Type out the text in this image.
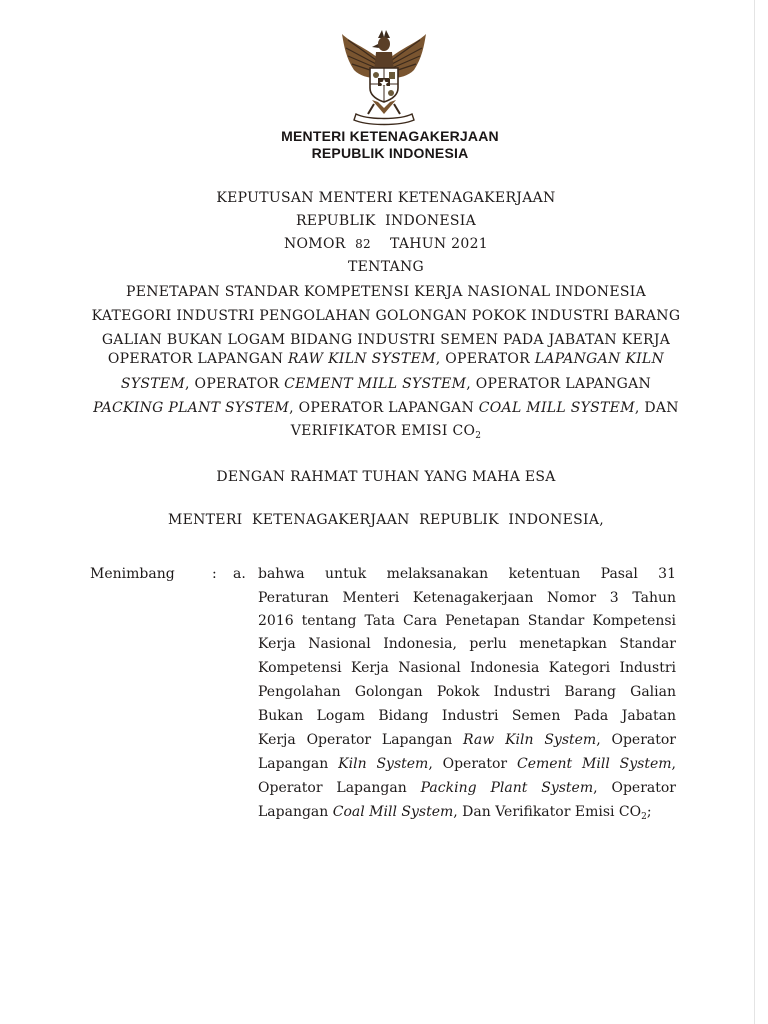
MENTERI KETENAGAKERJAAN
REPUBLIK INDONESIA
KEPUTUSAN MENTERI KETENAGAKERJAAN
REPUBLIK  INDONESIA
NOMOR 82 TAHUN 2021
TENTANG
PENETAPAN STANDAR KOMPETENSI KERJA NASIONAL INDONESIA
KATEGORI INDUSTRI PENGOLAHAN GOLONGAN POKOK INDUSTRI BARANG
GALIAN BUKAN LOGAM BIDANG INDUSTRI SEMEN PADA JABATAN KERJA
OPERATOR LAPANGAN RAW KILN SYSTEM, OPERATOR LAPANGAN KILN
SYSTEM, OPERATOR CEMENT MILL SYSTEM, OPERATOR LAPANGAN
PACKING PLANT SYSTEM, OPERATOR LAPANGAN COAL MILL SYSTEM, DAN
VERIFIKATOR EMISI $CO_2$
DENGAN RAHMAT TUHAN YANG MAHA ESA
MENTERI  KETENAGAKERJAAN  REPUBLIK  INDONESIA,
Menimbang	: a. bahwa untuk melaksanakan ketentuan Pasal 31
Peraturan Menteri Ketenagakerjaan Nomor 3 Tahun
2016 tentang Tata Cara Penetapan Standar Kompetensi
Kerja Nasional Indonesia, perlu menetapkan Standar
Kompetensi Kerja Nasional Indonesia Kategori Industri
Pengolahan Golongan Pokok Industri Barang Galian
Bukan Logam Bidang Industri Semen Pada Jabatan
Kerja Operator Lapangan Raw Kiln System, Operator
Lapangan Kiln System, Operator Cement Mill System,
Operator Lapangan Packing Plant System, Operator
Lapangan Coal Mill System, Dan Verifikator Emisi $CO_2$;
